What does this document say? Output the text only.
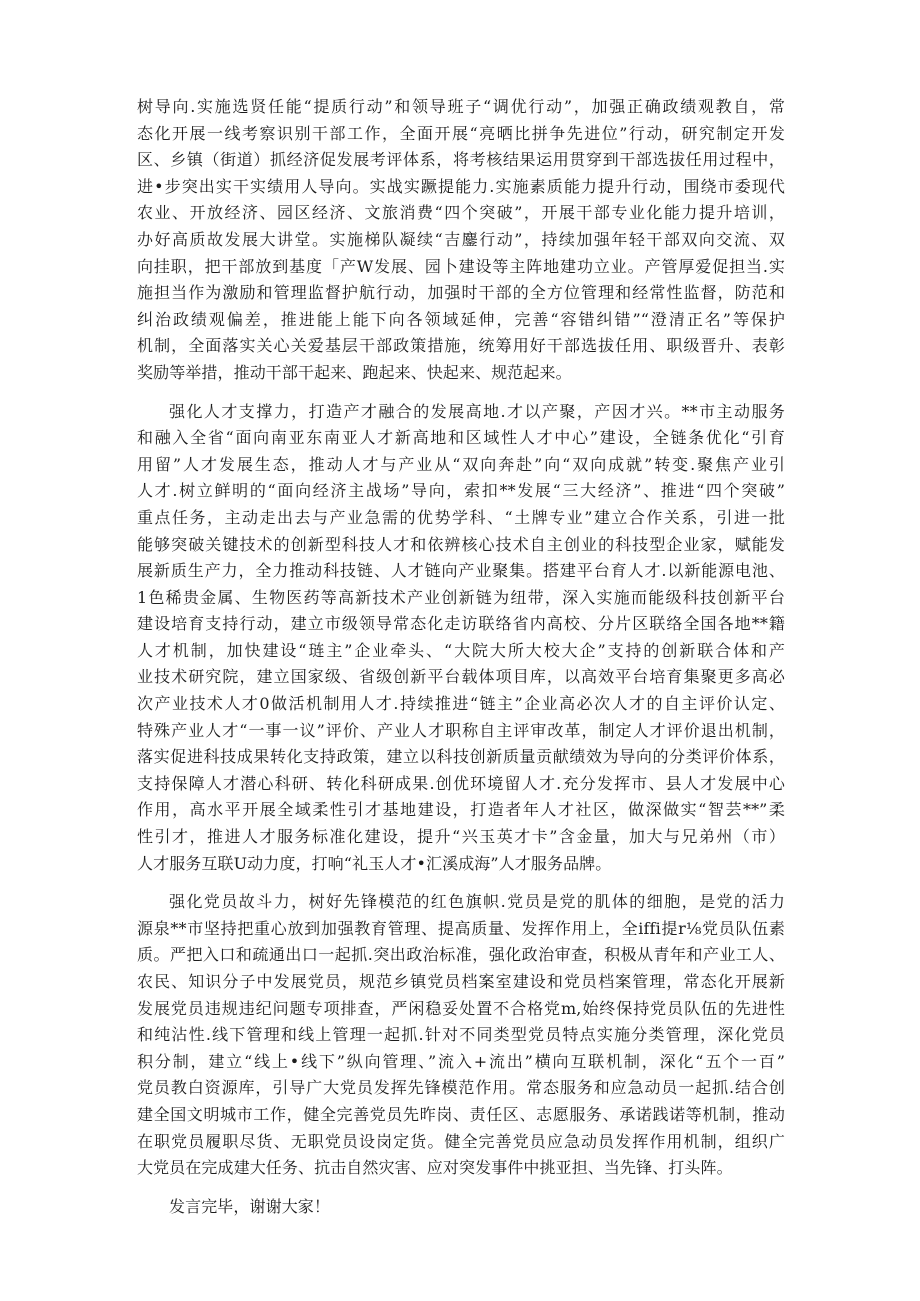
树导向.实施选贤任能“提质行动”和领导班子“调优行动”，加强正确政绩观教自，常
态化开展一线考察识别干部工作，全面开展“亮晒比拼争先进位”行动，研究制定开发
区、乡镇（街道）抓经济促发展考评体系，将考核结果运用贯穿到干部选拔任用过程中，
进•步突出实干实绩用人导向。实战实蹶提能力.实施素质能力提升行动，围绕市委现代
农业、开放经济、园区经济、文旅消费“四个突破”，开展干部专业化能力提升培训，
办好高质故发展大讲堂。实施梯队凝续“吉鏖行动”，持续加强年轻干部双向交流、双
向挂职，把干部放到基度「产W发展、园卜建设等主阵地建功立业。产管厚爱促担当.实
施担当作为激励和管理监督护航行动，加强时干部的全方位管理和经常性监督，防范和
纠治政绩观偏差，推进能上能下向各领域延伸，完善“容错纠错”“澄清正名”等保护
机制，全面落实关心关爱基层干部政策措施，统筹用好干部选拔任用、职级晋升、表彰
奖励等举措，推动干部干起来、跑起来、快起来、规范起来。
强化人才支撑力，打造产才融合的发展高地.才以产聚，产因才兴。**市主动服务
和融入全省“面向南亚东南亚人才新高地和区域性人才中心”建设，全链条优化“引育
用留”人才发展生态，推动人才与产业从“双向奔赴”向“双向成就”转变.聚焦产业引
人才.树立鲜明的“面向经济主战场”导向，索扣**发展“三大经济”、推进“四个突破”
重点任务，主动走出去与产业急需的优势学科、“土牌专业”建立合作关系，引进一批
能够突破关键技术的创新型科技人才和依辨核心技术自主创业的科技型企业家，赋能发
展新质生产力，全力推动科技链、人才链向产业聚集。搭建平台育人才.以新能源电池、
1色稀贵金属、生物医药等高新技术产业创新链为纽带，深入实施而能级科技创新平台
建设培育支持行动，建立市级领导常态化走访联络省内高校、分片区联络全国各地**籍
人才机制，加快建设“琏主”企业牵头、“大院大所大校大企”支持的创新联合体和产
业技术研究院，建立国家级、省级创新平台载体项目库，以高效平台培育集聚更多高必
次产业技术人才0做活机制用人才.持续推进“链主”企业高必次人才的自主评价认定、
特殊产业人才“一事一议”评价、产业人才职称自主评审改革，制定人才评价退出机制，
落实促进科技成果转化支持政策，建立以科技创新质量贡献绩效为导向的分类评价体系，
支持保障人才潜心科研、转化科研成果.创优环境留人才.充分发挥市、县人才发展中心
作用，高水平开展全域柔性引才基地建设，打造者年人才社区，做深做实“智芸**”柔
性引才，推进人才服务标准化建设，提升“兴玉英才卡”含金量，加大与兄弟州（市）
人才服务互联U动力度，打响“礼玉人才•汇溪成海”人才服务品牌。
强化党员故斗力，树好先锋模范的红色旗帜.党员是党的肌体的细胞，是党的活力
源泉**市坚持把重心放到加强教育管理、提高质量、发挥作用上，全iffi提r⅛党员队伍素
质。严把入口和疏通出口一起抓.突出政治标准，强化政治审查，积极从青年和产业工人、
农民、知识分子中发展党员，规范乡镇党员档案室建设和党员档案管理，常态化开展新
发展党员违规违纪问题专项排查，严闲稳妥处置不合格党m,始终保持党员队伍的先进性
和纯沾性.线下管理和线上管理一起抓.针对不同类型党员特点实施分类管理，深化党员
积分制，建立“线上•线下”纵向管理、”流入+流出”横向互联机制，深化“五个一百”
党员教白资源库，引导广大党员发挥先锋模范作用。常态服务和应急动员一起抓.结合创
建全国文明城市工作，健全完善党员先昨岗、责任区、志愿服务、承诺践诺等机制，推动
在职党员履职尽货、无职党员设岗定货。健全完善党员应急动员发挥作用机制，组织广
大党员在完成建大任务、抗击自然灾害、应对突发事件中挑亚担、当先锋、打头阵。
发言完毕，谢谢大家！
